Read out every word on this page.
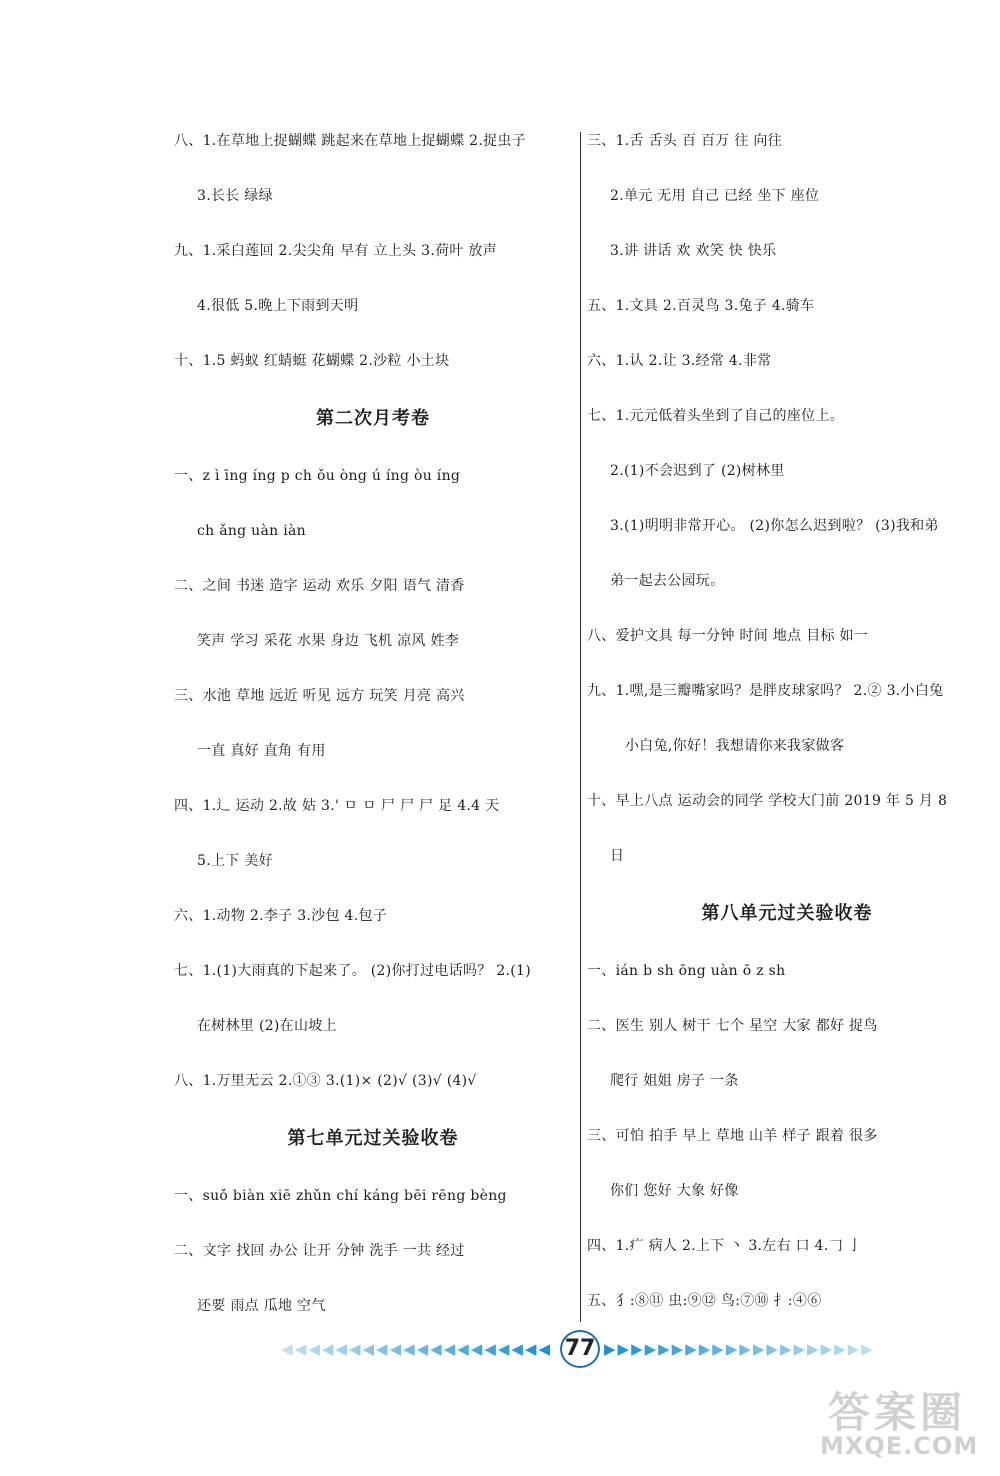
八、1.在草地上捉蝴蝶 跳起来在草地上捉蝴蝶 2.捉虫子
3.长长 绿绿
九、1.采白莲回 2.尖尖角 早有 立上头 3.荷叶 放声
4.很低 5.晚上下雨到天明
十、1.5 蚂蚁 红蜻蜓 花蝴蝶 2.沙粒 小土块
第二次月考卷
一、z ì īng íng p ch ǒu òng ú íng òu íng
ch ǎng uàn iàn
二、之间 书迷 造字 运动 欢乐 夕阳 语气 清香
笑声 学习 采花 水果 身边 飞机 凉风 姓李
三、水池 草地 远近 听见 远方 玩笑 月亮 高兴
一直 真好 直角 有用
四、1.辶 运动 2.故 姑 3.' ㅁ ㅁ 尸 尸 尸 足 4.4 天
5.上下 美好
六、1.动物 2.李子 3.沙包 4.包子
七、1.(1)大雨真的下起来了。 (2)你打过电话吗？ 2.(1)
在树林里 (2)在山坡上
八、1.万里无云 2.①③ 3.(1)× (2)√ (3)√ (4)√
第七单元过关验收卷
一、suǒ biàn xiē zhǔn chí káng bēi rēng bèng
二、文字 找回 办公 让开 分钟 洗手 一共 经过
还要 雨点 瓜地 空气
三、1.舌 舌头 百 百万 往 向往
2.单元 无用 自己 已经 坐下 座位
3.讲 讲话 欢 欢笑 快 快乐
五、1.文具 2.百灵鸟 3.兔子 4.骑车
六、1.认 2.让 3.经常 4.非常
七、1.元元低着头坐到了自己的座位上。
2.(1)不会迟到了 (2)树林里
3.(1)明明非常开心。 (2)你怎么迟到啦？ (3)我和弟
弟一起去公园玩。
八、爱护文具 每一分钟 时间 地点 目标 如一
九、1.嘿,是三瓣嘴家吗？是胖皮球家吗？ 2.② 3.小白兔
小白兔,你好！我想请你来我家做客
十、早上八点 运动会的同学 学校大门前 2019 年 5 月 8
日
第八单元过关验收卷
一、ián b sh ōng uàn ō z sh
二、医生 别人 树干 七个 星空 大家 都好 捉鸟
爬行 姐姐 房子 一条
三、可怕 拍手 早上 草地 山羊 样子 跟着 很多
你们 您好 大象 好像
四、1.疒 病人 2.上下 丶 3.左右 口 4.𠃌 亅
五、犭:⑧⑪ 虫:⑨⑫ 鸟:⑦⑩ 扌:④⑥
◀◀◀◀◀◀◀◀◀◀◀◀◀◀◀◀◀◀◀◀ 77 ▶▶▶▶▶▶▶▶▶▶▶▶▶▶▶▶▶▶▶▶
答案圈
MXQE.COM
